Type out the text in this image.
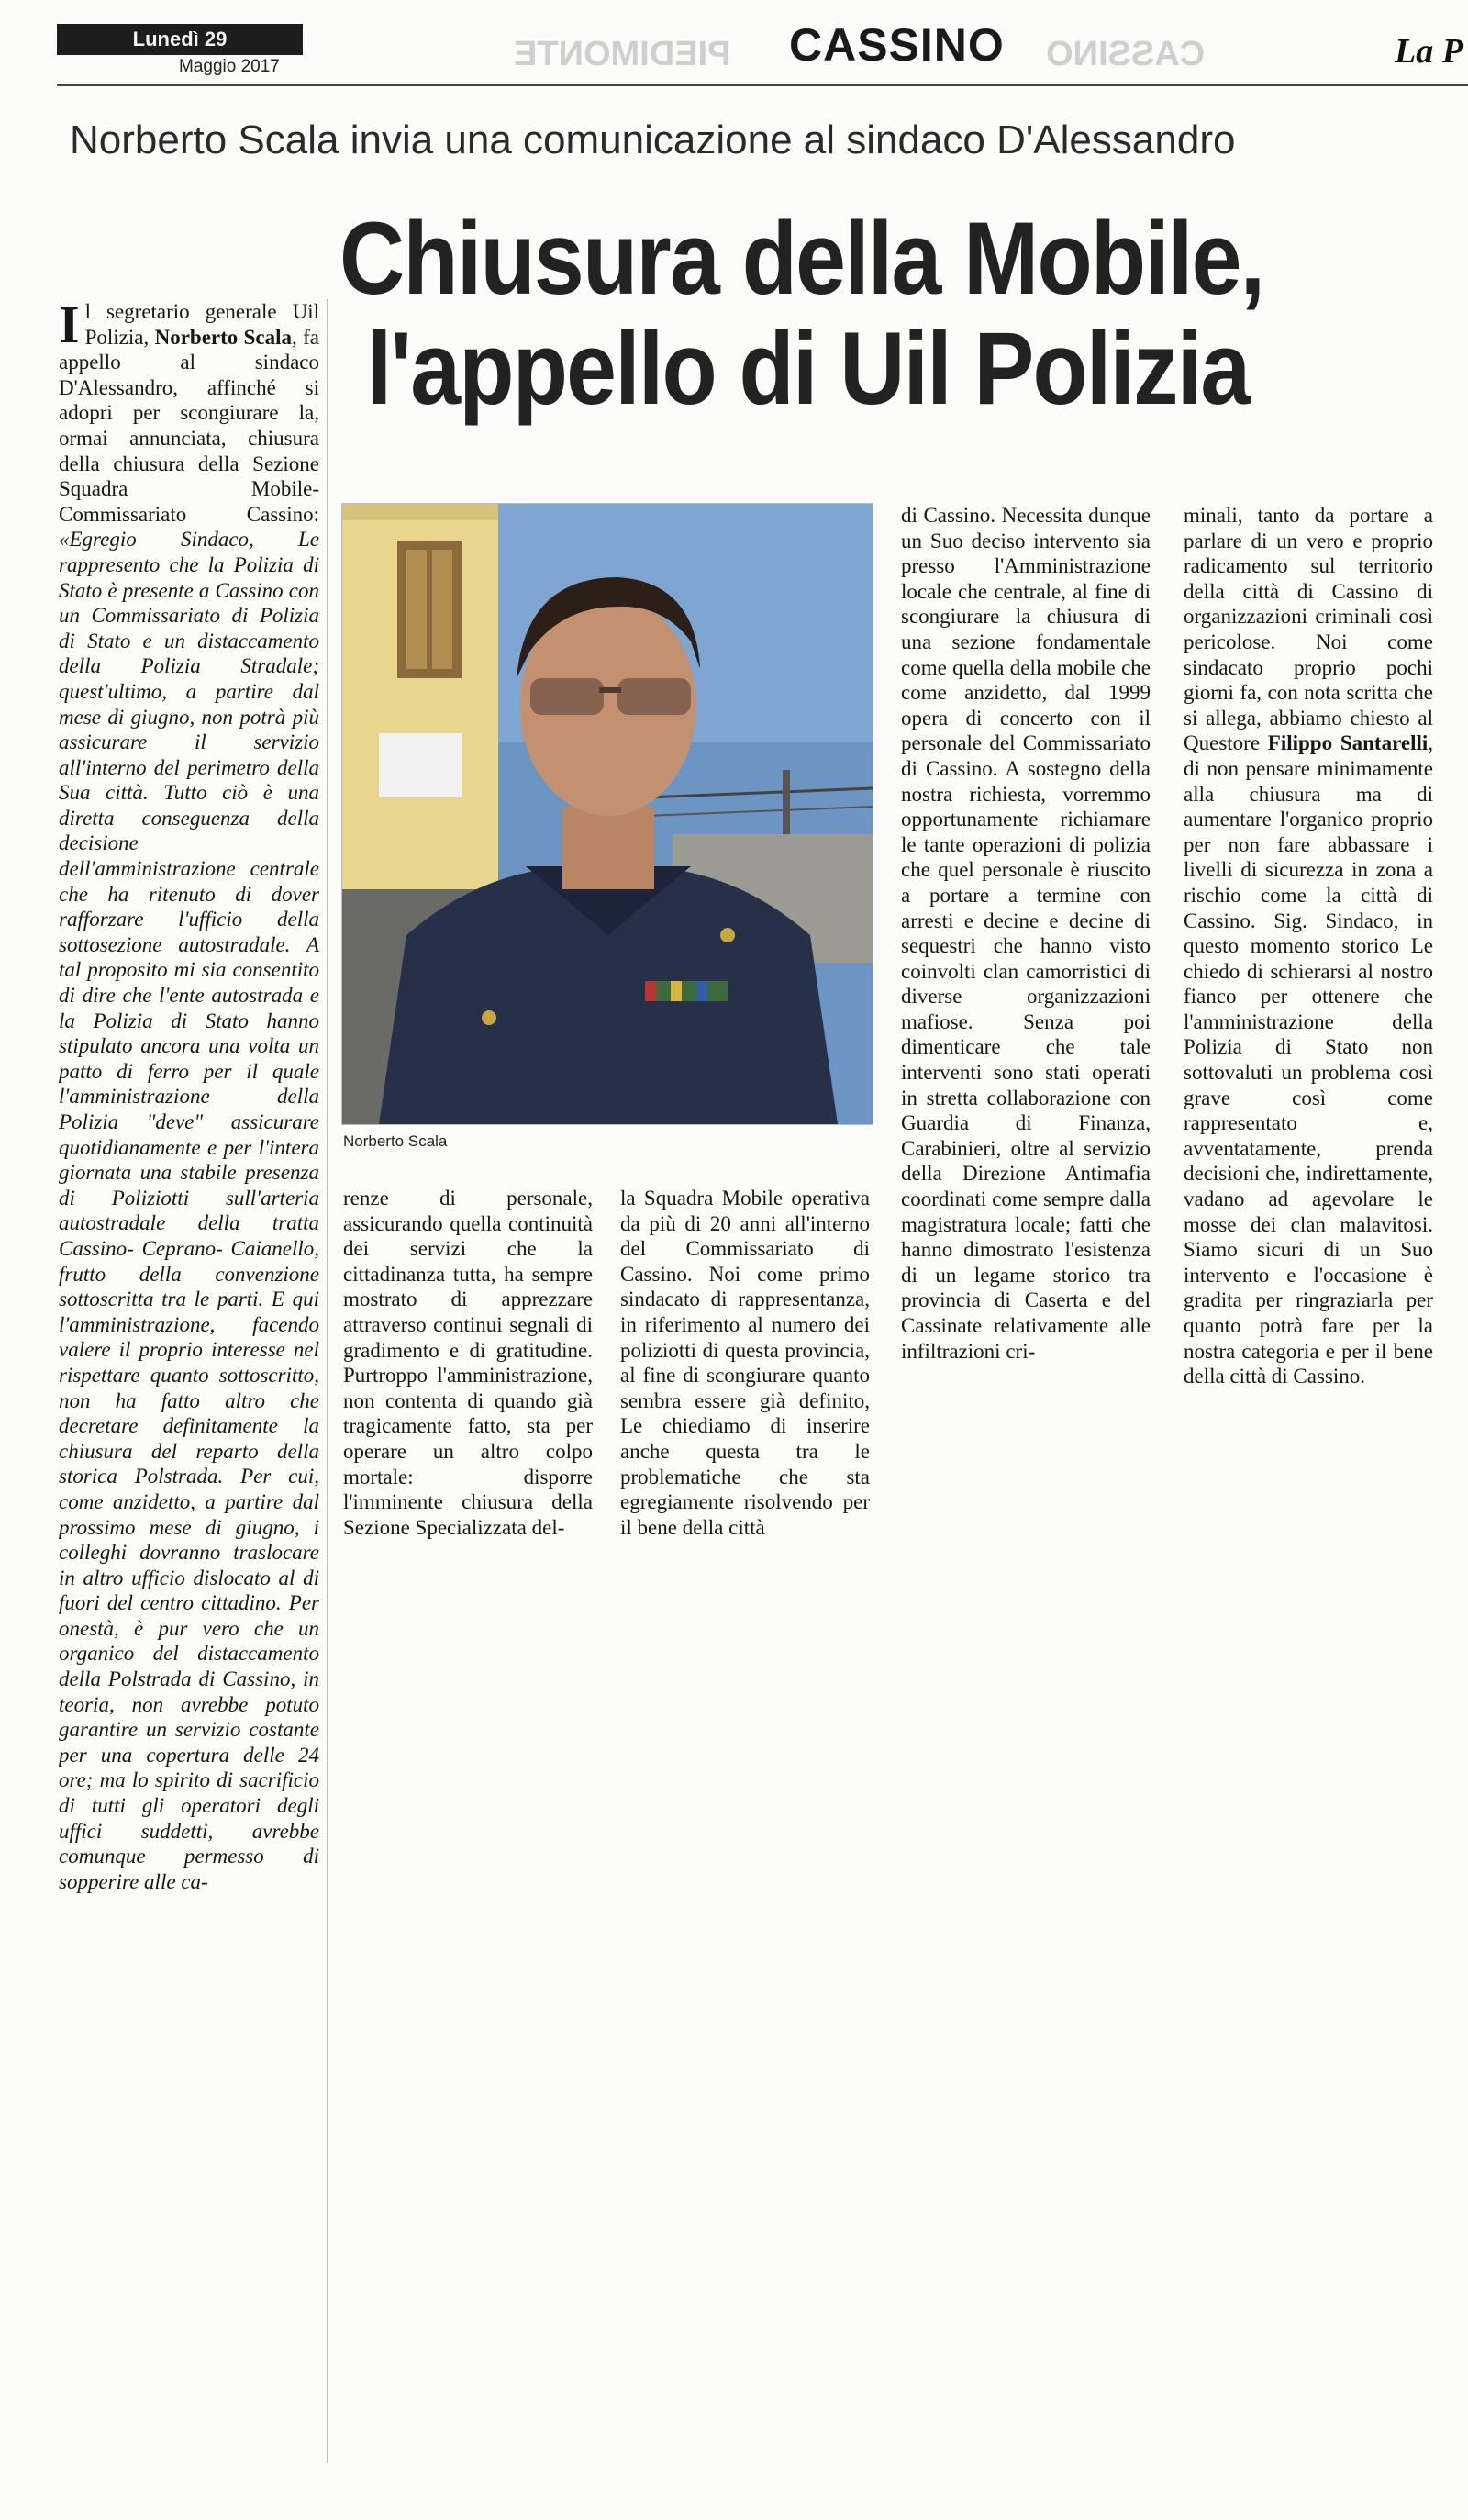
Lunedì 29
Maggio 2017	PIEDIMONTE CASSINO CASSINO	La P
Norberto Scala invia una comunicazione al sindaco D'Alessandro
Chiusura della Mobile,
l'appello di Uil Polizia
Norberto Scala
I l segretario generale Uil Polizia, Norberto Scala, fa appello al sindaco D'Alessandro, affinché si adopri per scongiurare la, ormai annunciata, chiusura della chiusura della Sezione Squadra Mobile- Commissariato Cassino: «Egregio Sindaco, Le rappresento che la Polizia di Stato è presente a Cassino con un Commissariato di Polizia di Stato e un distaccamento della Polizia Stradale; quest'ultimo, a partire dal mese di giugno, non potrà più assicurare il servizio all'interno del perimetro della Sua città. Tutto ciò è una diretta conseguenza della decisione dell'amministrazione centrale che ha ritenuto di dover rafforzare l'ufficio della sottosezione autostradale. A tal proposito mi sia consentito di dire che l'ente autostrada e la Polizia di Stato hanno stipulato ancora una volta un patto di ferro per il quale l'amministrazione della Polizia "deve" assicurare quotidianamente e per l'intera giornata una stabile presenza di Poliziotti sull'arteria autostradale della tratta Cassino- Ceprano- Caianello, frutto della convenzione sottoscritta tra le parti. E qui l'amministrazione, facendo valere il proprio interesse nel rispettare quanto sottoscritto, non ha fatto altro che decretare definitamente la chiusura del reparto della storica Polstrada. Per cui, come anzidetto, a partire dal prossimo mese di giugno, i colleghi dovranno traslocare in altro ufficio dislocato al di fuori del centro cittadino. Per onestà, è pur vero che un organico del distaccamento della Polstrada di Cassino, in teoria, non avrebbe potuto garantire un servizio costante per una copertura delle 24 ore; ma lo spirito di sacrificio di tutti gli operatori degli uffici suddetti, avrebbe comunque permesso di sopperire alle ca-
renze di personale, assicurando quella continuità dei servizi che la cittadinanza tutta, ha sempre mostrato di apprezzare attraverso continui segnali di gradimento e di gratitudine. Purtroppo l'amministrazione, non contenta di quando già tragicamente fatto, sta per operare un altro colpo mortale: disporre l'imminente chiusura della Sezione Specializzata del-
la Squadra Mobile operativa da più di 20 anni all'interno del Commissariato di Cassino. Noi come primo sindacato di rappresentanza, in riferimento al numero dei poliziotti di questa provincia, al fine di scongiurare quanto sembra essere già definito, Le chiediamo di inserire anche questa tra le problematiche che sta egregiamente risolvendo per il bene della città
di Cassino. Necessita dunque un Suo deciso intervento sia presso l'Amministrazione locale che centrale, al fine di scongiurare la chiusura di una sezione fondamentale come quella della mobile che come anzidetto, dal 1999 opera di concerto con il personale del Commissariato di Cassino. A sostegno della nostra richiesta, vorremmo opportunamente richiamare le tante operazioni di polizia che quel personale è riuscito a portare a termine con arresti e decine e decine di sequestri che hanno visto coinvolti clan camorristici di diverse organizzazioni mafiose. Senza poi dimenticare che tale interventi sono stati operati in stretta collaborazione con Guardia di Finanza, Carabinieri, oltre al servizio della Direzione Antimafia coordinati come sempre dalla magistratura locale; fatti che hanno dimostrato l'esistenza di un legame storico tra provincia di Caserta e del Cassinate relativamente alle infiltrazioni cri-
minali, tanto da portare a parlare di un vero e proprio radicamento sul territorio della città di Cassino di organizzazioni criminali così pericolose. Noi come sindacato proprio pochi giorni fa, con nota scritta che si allega, abbiamo chiesto al Questore Filippo Santarelli, di non pensare minimamente alla chiusura ma di aumentare l'organico proprio per non fare abbassare i livelli di sicurezza in zona a rischio come la città di Cassino. Sig. Sindaco, in questo momento storico Le chiedo di schierarsi al nostro fianco per ottenere che l'amministrazione della Polizia di Stato non sottovaluti un problema così grave così come rappresentato e, avventatamente, prenda decisioni che, indirettamente, vadano ad agevolare le mosse dei clan malavitosi. Siamo sicuri di un Suo intervento e l'occasione è gradita per ringraziarla per quanto potrà fare per la nostra categoria e per il bene della città di Cassino.
